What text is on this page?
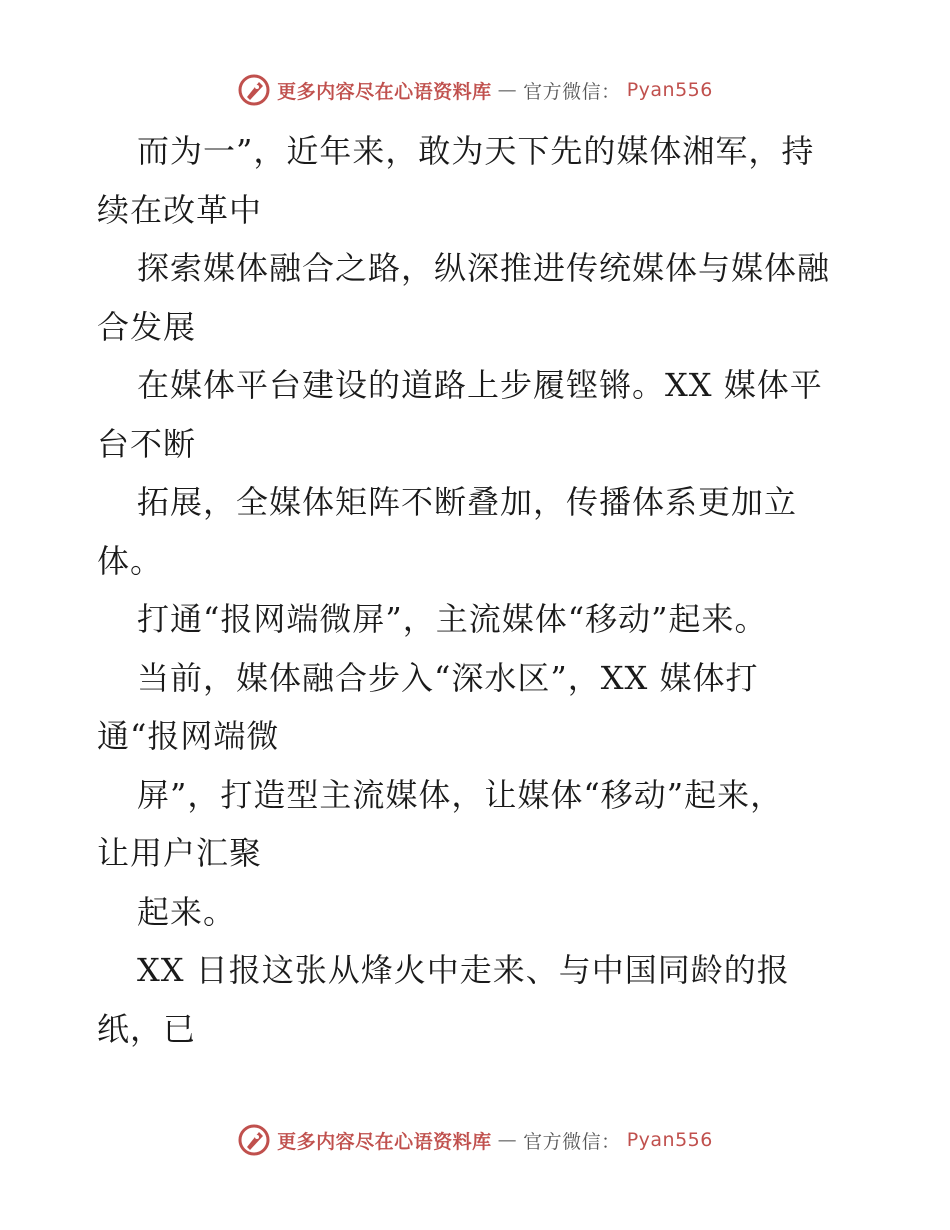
更多内容尽在心语资料库 — 官方微信： Pyan556
而为一”，近年来，敢为天下先的媒体湘军，持
续在改革中
探索媒体融合之路，纵深推进传统媒体与媒体融
合发展
在媒体平台建设的道路上步履铿锵。XX 媒体平
台不断
拓展，全媒体矩阵不断叠加，传播体系更加立
体。
打通“报网端微屏”，主流媒体“移动”起来。
当前，媒体融合步入“深水区”，XX 媒体打
通“报网端微
屏”，打造型主流媒体，让媒体“移动”起来，
让用户汇聚
起来。
XX 日报这张从烽火中走来、与中国同龄的报
纸，已
更多内容尽在心语资料库 — 官方微信： Pyan556
